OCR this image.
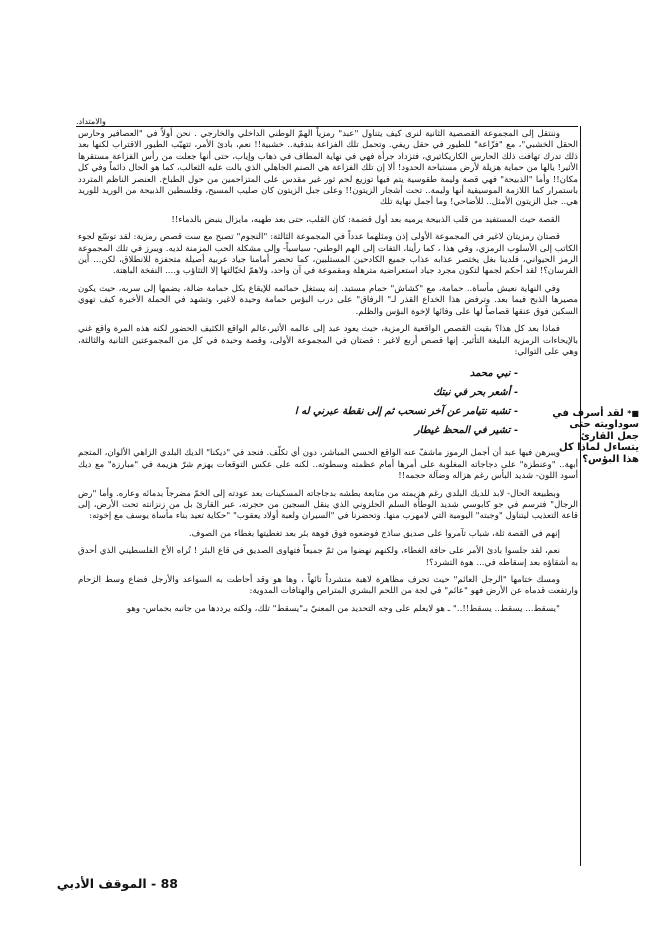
والامتداد.

وننتقل إلى المجموعة القصصية الثانية لنرى كيف يتناول "عبد" رمزياً الهمّ الوطني الداخلي والخارجي . نحن أولاً في "العصافير وحارس الحقل الخشبي"، مع "فزّاعة" للطيور في حقل ريفي. وتحمل تلك الفزاعة بندقية.. خشبية!! نعم، بادئ الأمر، تتهيّب الطيور الاقتراب لكنها بعد ذلك تدرك تهافت ذلك الحارس الكاريكاتيري، فتزداد جرأة فهي في نهاية المطاف في ذهاب وإياب، حتى أنها جعلت من رأس الفزاعة مستقرها الأثير! يالها من حماية هزيلة لأرض مستباحة الحدود! ألا إن تلك الفزاعة هي الصنم الجاهلي الذي بالت عليه الثعالب، كما هو الحال دائماً وفي كل مكان!! وأما "الذبيحة" فهي قصة وليمة طقوسية يتم فيها توزيع لحم ثور غير مقدس على المتزاحمين من حول الطباخ. العنصر الناظم المتردد باستمرار كما اللازمة الموسيقية أنها وليمة.. تحت أشجار الزيتون!! وعلى جبل الزيتون كان صليب المسيح، وفلسطين الذبيحة من الوريد للوريد هي.. جبل الزيتون الأمثل.. للأضاحي! وما أجمل نهاية تلك

القصة حيث المستفيد من قلب الذبيحة يرميه بعد أول قضمة: كان القلب، حتى بعد طهيه، مايزال ينبض بالدماء!!

قصتان رمزيتان لاغير في المجموعة الأولى إذن ومثلهما عدداً في المجموعة الثالثة: "النجوم" تصبح مع ست قصص رمزية: لقد توسّع لجوء الكاتب إلى الأسلوب الرمزي، وفي هذا ، كما رأينا، التفات إلى الهم الوطني- سياسياً- وإلى مشكلة الحب المزمنة لديه. ويبرز في تلك المجموعة الرمز الحيواني، فلدينا بغل يختصر عذابه عذاب جميع الكادحين المستلبين، كما تحضر أمامنا جياد عربية أصيلة متحفزة للانطلاق، لكن... أين الفرسان؟! لقد أحكم لجمها لتكون مجرد جياد استعراضية مترهلة ومقموعة في آن واحد، ولاهمّ لخيّالتها إلا التثاؤب و.... النفخة الباهتة.

وفي النهاية نعيش مأساة.. حمامة، مع "كشاش" حمام مستبد. إنه يستغل حمائمه للإيقاع بكل حمامة ضالة، يضمها إلى سربه، حيث يكون مصيرها الذبح فيما بعد. وترفض هذا الخداع القذر لـ" الرفاق" على درب البؤس حمامة وحيدة لاغير، وتشهد في الحملة الأخيرة كيف تهوي السكين فوق عنقها قصاصاً لها على وفائها لإخوة البؤس والظلم.

فماذا بعد كل هذا؟ بقيت القصص الواقعية الرمزية، حيث يعود عبد إلى عالمه الأثير،عالم الواقع الكثيف الحضور لكنه هذه المرة واقع غني بالإيحاءات الرمزية البليغة التأثير. إنها قصص أربع لاغير : قصتان في المجموعة الأولى، وقصة وحيدة في كل من المجموعتين الثانية والثالثة، وهي على التوالي:

- نبي محمد
- أشعر بحر في نبتك
- تشبه نتيامر عن آخر نسحب ثم إلى نقطة عبرني له ا
- تشير في المحظ غيطار

ويبرهن فيها عبد أن أجمل الرموز ماشفّ عنه الواقع الحسي المباشر، دون أي تكلّف. فنجد في "ديكنا" الديك البلدي الزاهي الألوان، المتجم أبهة.. "وعنطزة" على دجاجاته المغلوبة على أمرها أمام عظمته وسطوته.. لكنه على عكس التوقعات يهزم شرّ هزيمة في "مبارزة" مع ديك أسود اللون- شديد البأس رغم هزاله وضآلة حجمه!!

وبطبيعة الحال- لابد للديك البلدي رغم هزيمته من متابعة بطشه بدجاجاته المسكينات بعد عودته إلى الخمّ مضرجاً بدمائه وعاره. وأما "رض الرجال" فترسم في جو كابوسي شديد الوطأة السلم الحلزوني الذي ينقل السجين من حجرته، عبر القارئ بل من زنزانته تحت الأرض، إلى قاعة التعذيب ليتناول "وجبته" اليومية التي لامهرب منها. وتحضرنا في "السيران ولعبة أولاد يعقوب" "حكاية تعيد بناء مأساة يوسف مع إخوته:

إنهم في القصة ثلة، شباب تآمروا على صديق ساذج فوضعوه فوق فوهة بئر بعد تغطيتها بغطاء من الصوف.

نعم، لقد جلسوا بادئ الأمر على حافة الغطاء، ولكنهم نهضوا من ثمّ جميعاً فتهاوى الصديق في قاع البئر ! تُراه الأخ الفلسطيني الذي أحدق به أشقاؤه بعد إسقاطه في... هوة التشرد؟!

ومسك ختامها "الرجل العائم" حيث تجرف مظاهرة لاهبة متشرداً تائهاً ، وها هو وقد أحاطت به السواعد والأرجل فضاع وسط الزحام وارتفعت قدماه عن الأرض فهو "عائم" في لجة من اللحم البشري المتراص والهتافات المدوية:

"يسقط... يسقط.. يسقط!!.." ـ هو لايعلم على وجه التحديد من المعنيّ بـ"يسقط" تلك، ولكنه يرددها من جانبه بحماس- وهو

■* لقد أسرف في سوداويته حتى جعل القارئ يتساءل لماذا كل هذا البؤس؟
88 - الموقف الأدبي
